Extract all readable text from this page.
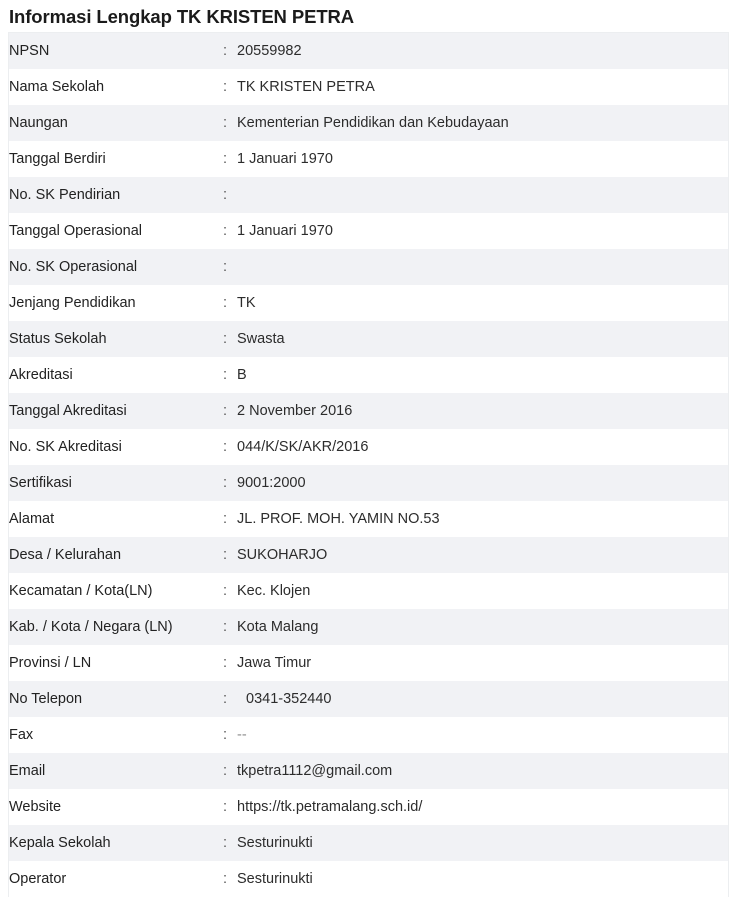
Informasi Lengkap TK KRISTEN PETRA
NPSN	:	20559982
Nama Sekolah	:	TK KRISTEN PETRA
Naungan	:	Kementerian Pendidikan dan Kebudayaan
Tanggal Berdiri	:	1 Januari 1970
No. SK Pendirian	:	
Tanggal Operasional	:	1 Januari 1970
No. SK Operasional	:	
Jenjang Pendidikan	:	TK
Status Sekolah	:	Swasta
Akreditasi	:	B
Tanggal Akreditasi	:	2 November 2016
No. SK Akreditasi	:	044/K/SK/AKR/2016
Sertifikasi	:	9001:2000
Alamat	:	JL. PROF. MOH. YAMIN NO.53
Desa / Kelurahan	:	SUKOHARJO
Kecamatan / Kota(LN)	:	Kec. Klojen
Kab. / Kota / Negara (LN)	:	Kota Malang
Provinsi / LN	:	Jawa Timur
No Telepon	:	0341-352440
Fax	:	--
Email	:	tkpetra1112@gmail.com
Website	:	https://tk.petramalang.sch.id/
Kepala Sekolah	:	Sesturinukti
Operator	:	Sesturinukti
